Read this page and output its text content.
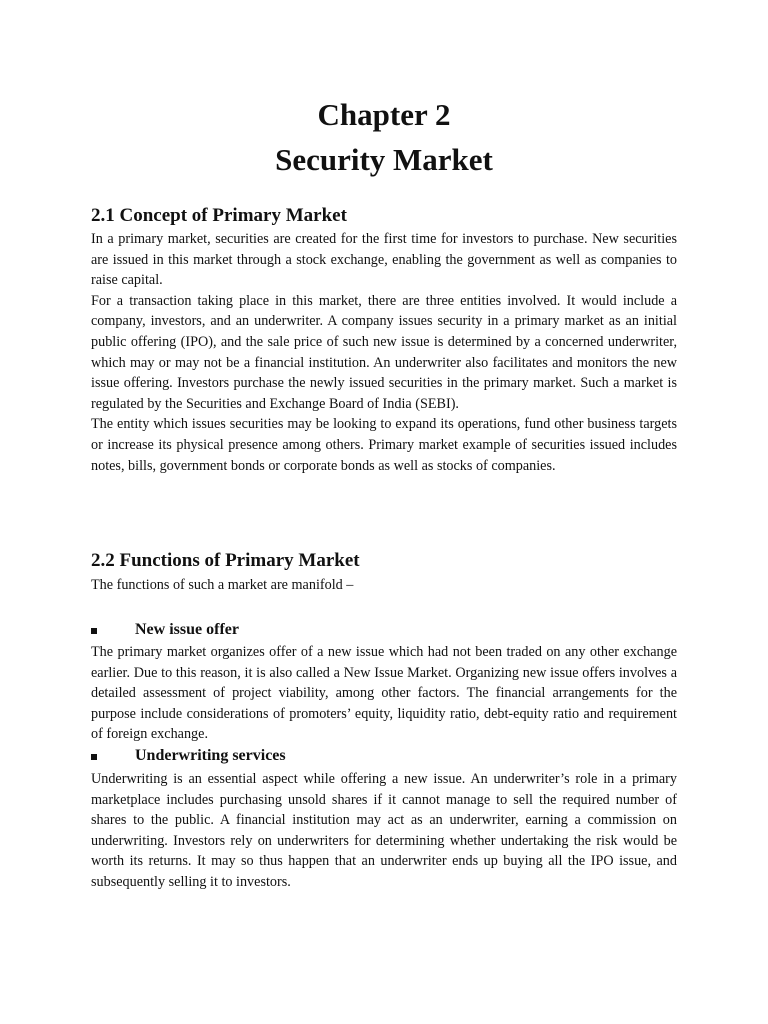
Chapter 2
Security Market
2.1 Concept of Primary Market

In a primary market, securities are created for the first time for investors to purchase. New securities are issued in this market through a stock exchange, enabling the government as well as companies to raise capital.

For a transaction taking place in this market, there are three entities involved. It would include a company, investors, and an underwriter. A company issues security in a primary market as an initial public offering (IPO), and the sale price of such new issue is determined by a concerned underwriter, which may or may not be a financial institution. An underwriter also facilitates and monitors the new issue offering. Investors purchase the newly issued securities in the primary market. Such a market is regulated by the Securities and Exchange Board of India (SEBI).

The entity which issues securities may be looking to expand its operations, fund other business targets or increase its physical presence among others. Primary market example of securities issued includes notes, bills, government bonds or corporate bonds as well as stocks of companies.

2.2 Functions of Primary Market

The functions of such a market are manifold –

New issue offer

The primary market organizes offer of a new issue which had not been traded on any other exchange earlier. Due to this reason, it is also called a New Issue Market. Organizing new issue offers involves a detailed assessment of project viability, among other factors. The financial arrangements for the purpose include considerations of promoters’ equity, liquidity ratio, debt-equity ratio and requirement of foreign exchange.

Underwriting services

Underwriting is an essential aspect while offering a new issue. An underwriter’s role in a primary marketplace includes purchasing unsold shares if it cannot manage to sell the required number of shares to the public. A financial institution may act as an underwriter, earning a commission on underwriting. Investors rely on underwriters for determining whether undertaking the risk would be worth its returns. It may so thus happen that an underwriter ends up buying all the IPO issue, and subsequently selling it to investors.
